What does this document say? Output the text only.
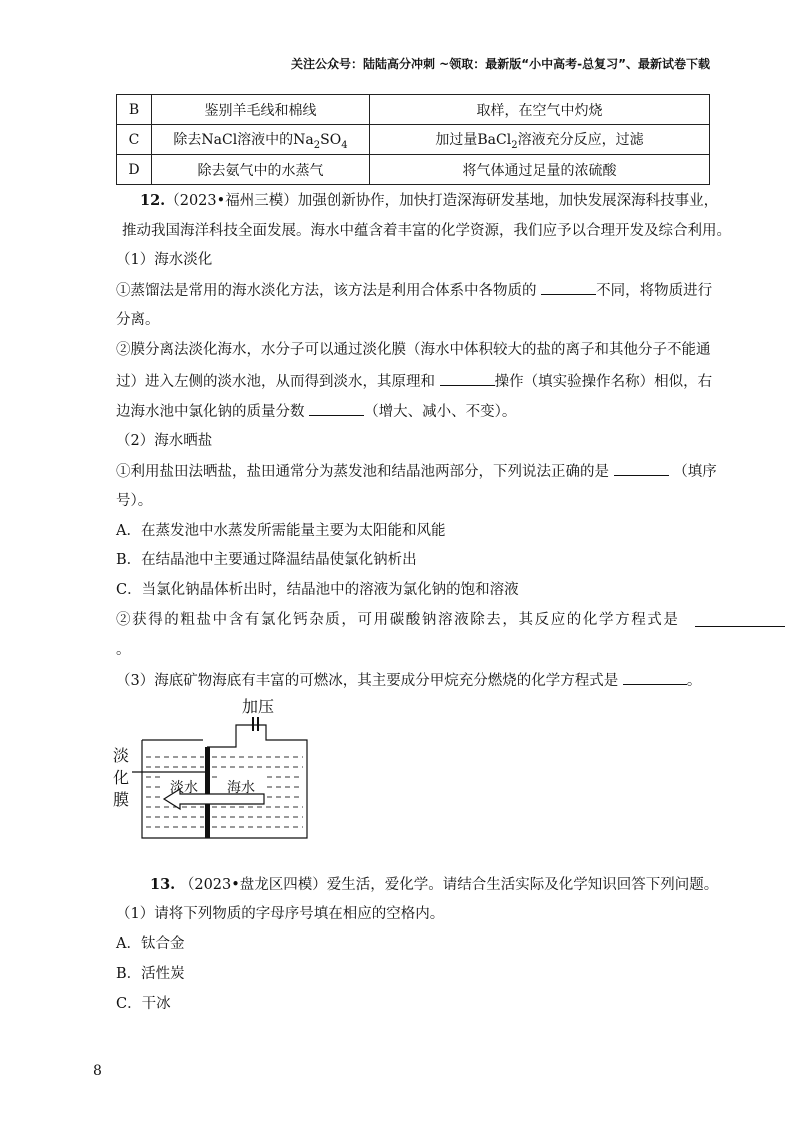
关注公众号：陆陆高分冲刺 ~领取：最新版“小中高考-总复习”、最新试卷下载
B	鉴别羊毛线和棉线	取样，在空气中灼烧
C	除去NaCl溶液中的$Na_2SO_4$	加过量BaCl$_2$溶液充分反应，过滤
D	除去氨气中的水蒸气	将气体通过足量的浓硫酸
12.（2023•福州三模）加强创新协作，加快打造深海研发基地，加快发展深海科技事业，
推动我国海洋科技全面发展。海水中蕴含着丰富的化学资源，我们应予以合理开发及综合利用。
（1）海水淡化
①蒸馏法是常用的海水淡化方法，该方法是利用合体系中各物质的	不同，将物质进行
分离。
②膜分离法淡化海水，水分子可以通过淡化膜（海水中体积较大的盐的离子和其他分子不能通
过）进入左侧的淡水池，从而得到淡水，其原理和	操作（填实验操作名称）相似，右
边海水池中氯化钠的质量分数	（增大、减小、不变）。
（2）海水晒盐
①利用盐田法晒盐，盐田通常分为蒸发池和结晶池两部分，下列说法正确的是	（填序
号）。
A．在蒸发池中水蒸发所需能量主要为太阳能和风能
B．在结晶池中主要通过降温结晶使氯化钠析出
C．当氯化钠晶体析出时，结晶池中的溶液为氯化钠的饱和溶液
②获得的粗盐中含有氯化钙杂质，可用碳酸钠溶液除去，其反应的化学方程式是
。
（3）海底矿物海底有丰富的可燃冰，其主要成分甲烷充分燃烧的化学方程式是	。
加压
淡
化
膜
淡水 海水
13. （2023•盘龙区四模）爱生活，爱化学。请结合生活实际及化学知识回答下列问题。
（1）请将下列物质的字母序号填在相应的空格内。
A．钛合金
B．活性炭
C．干冰
8
